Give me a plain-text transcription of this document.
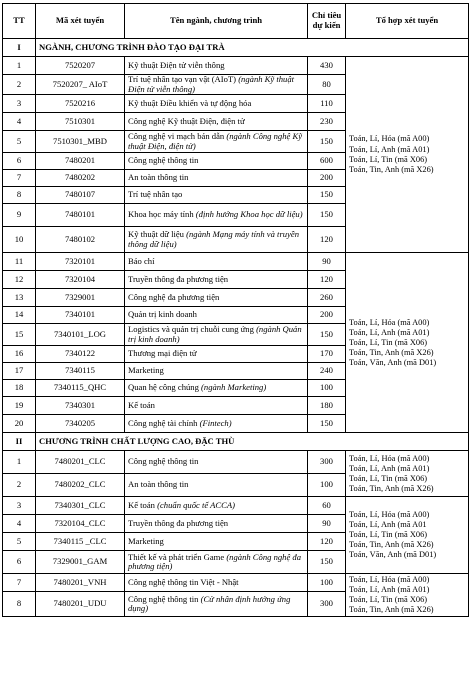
TT	Mã xét tuyển	Tên ngành, chương trình	Chỉ tiêu dự kiến	Tổ hợp xét tuyển
I	NGÀNH, CHƯƠNG TRÌNH ĐÀO TẠO ĐẠI TRÀ			
1	7520207	Kỹ thuật Điện tử viễn thông	430	Toán, Lí, Hóa (mã A00)
Toán, Lí, Anh (mã A01)
Toán, Lí, Tin (mã X06)
Toán, Tin, Anh (mã X26)
2	7520207_ AIoT	Trí tuệ nhân tạo vạn vật (AIoT) (ngành Kỹ thuật Điện tử viễn thông)	80	
3	7520216	Kỹ thuật Điều khiển và tự động hóa	110	
4	7510301	Công nghệ Kỹ thuật Điện, điện tử	230	
5	7510301_MBD	Công nghệ vi mạch bán dẫn (ngành Công nghệ Kỹ thuật Điện, điện tử)	150	
6	7480201	Công nghệ thông tin	600	
7	7480202	An toàn thông tin	200	
8	7480107	Trí tuệ nhân tạo	150	
9	7480101	Khoa học máy tính (định hướng Khoa học dữ liệu)	150	
10	7480102	Kỹ thuật dữ liệu (ngành Mạng máy tính và truyền thông dữ liệu)	120	
11	7320101	Báo chí	90	Toán, Lí, Hóa (mã A00)
Toán, Lí, Anh (mã A01)
Toán, Lí, Tin (mã X06)
Toán, Tin, Anh (mã X26)
Toán, Văn, Anh (mã D01)
12	7320104	Truyền thông đa phương tiện	120	
13	7329001	Công nghệ đa phương tiện	260	
14	7340101	Quản trị kinh doanh	200	
15	7340101_LOG	Logistics và quản trị chuỗi cung ứng (ngành Quản trị kinh doanh)	150	
16	7340122	Thương mại điện tử	170	
17	7340115	Marketing	240	
18	7340115_QHC	Quan hệ công chúng (ngành Marketing)	100	
19	7340301	Kế toán	180	
20	7340205	Công nghệ tài chính (Fintech)	150	
II	CHƯƠNG TRÌNH CHẤT LƯỢNG CAO, ĐẶC THÙ			
1	7480201_CLC	Công nghệ thông tin	300	Toán, Lí, Hóa (mã A00)
Toán, Lí, Anh (mã A01)
Toán, Lí, Tin (mã X06)
Toán, Tin, Anh (mã X26)
2	7480202_CLC	An toàn thông tin	100	
3	7340301_CLC	Kế toán (chuẩn quốc tế ACCA)	60	Toán, Lí, Hóa (mã A00)
Toán, Lí, Anh (mã A01
Toán, Lí, Tin (mã X06)
Toán, Tin, Anh (mã X26)
Toán, Văn, Anh (mã D01)
4	7320104_CLC	Truyền thông đa phương tiện	90	
5	7340115 _CLC	Marketing	120	
6	7329001_GAM	Thiết kế và phát triển Game (ngành Công nghệ đa phương tiện)	150	
7	7480201_VNH	Công nghệ thông tin Việt - Nhật	100	Toán, Lí, Hóa (mã A00)
Toán, Lí, Anh (mã A01)
Toán, Lí, Tin (mã X06)
Toán, Tin, Anh (mã X26)
8	7480201_UDU	Công nghệ thông tin (Cử nhân định hướng ứng dụng)	300	
